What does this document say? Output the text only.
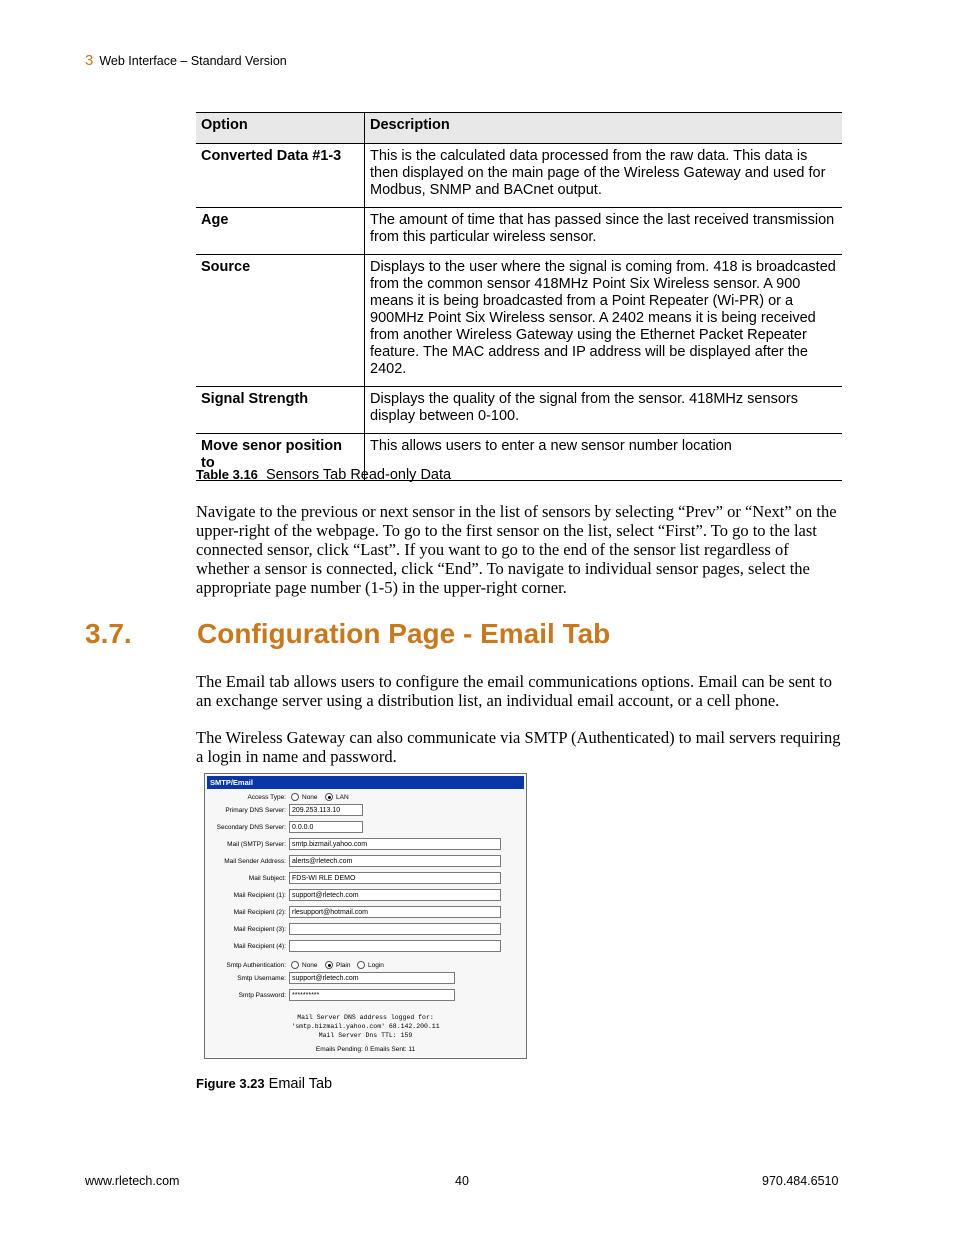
3 Web Interface – Standard Version
Option	Description
Converted Data #1-3	This is the calculated data processed from the raw data. This data is then displayed on the main page of the Wireless Gateway and used for Modbus, SNMP and BACnet output.
Age	The amount of time that has passed since the last received transmission from this particular wireless sensor.
Source	Displays to the user where the signal is coming from. 418 is broadcasted from the common sensor 418MHz Point Six Wireless sensor. A 900 means it is being broadcasted from a Point Repeater (Wi-PR) or a 900MHz Point Six Wireless sensor. A 2402 means it is being received from another Wireless Gateway using the Ethernet Packet Repeater feature. The MAC address and IP address will be displayed after the 2402.
Signal Strength	Displays the quality of the signal from the sensor. 418MHz sensors display between 0-100.
Move senor position to	This allows users to enter a new sensor number location
Table 3.16 Sensors Tab Read-only Data
Navigate to the previous or next sensor in the list of sensors by selecting “Prev” or “Next” on the upper-right of the webpage. To go to the first sensor on the list, select “First”. To go to the last connected sensor, click “Last”. If you want to go to the end of the sensor list regardless of whether a sensor is connected, click “End”. To navigate to individual sensor pages, select the appropriate page number (1-5) in the upper-right corner.
3.7. Configuration Page - Email Tab
The Email tab allows users to configure the email communications options. Email can be sent to an exchange server using a distribution list, an individual email account, or a cell phone.
The Wireless Gateway can also communicate via SMTP (Authenticated) to mail servers requiring a login in name and password.
SMTP/Email
Access Type: None	LAN
Primary DNS Server: 209.253.113.10
Secondary DNS Server: 0.0.0.0
Mail (SMTP) Server: smtp.bizmail.yahoo.com
Mail Sender Address: alerts@rletech.com
Mail Subject: FDS-WI RLE DEMO
Mail Recipient (1): support@rletech.com
Mail Recipient (2): rlesupport@hotmail.com
Mail Recipient (3):
Mail Recipient (4):
Smtp Authentication: None	Plain	Login
Smtp Username: support@rletech.com
Smtp Password: **********
Mail Server DNS address logged for:
'smtp.bizmail.yahoo.com' 68.142.200.11
Mail Server Dns TTL: 159
Emails Pending: 0 Emails Sent: 11
Figure 3.23 Email Tab
www.rletech.com	40	970.484.6510
